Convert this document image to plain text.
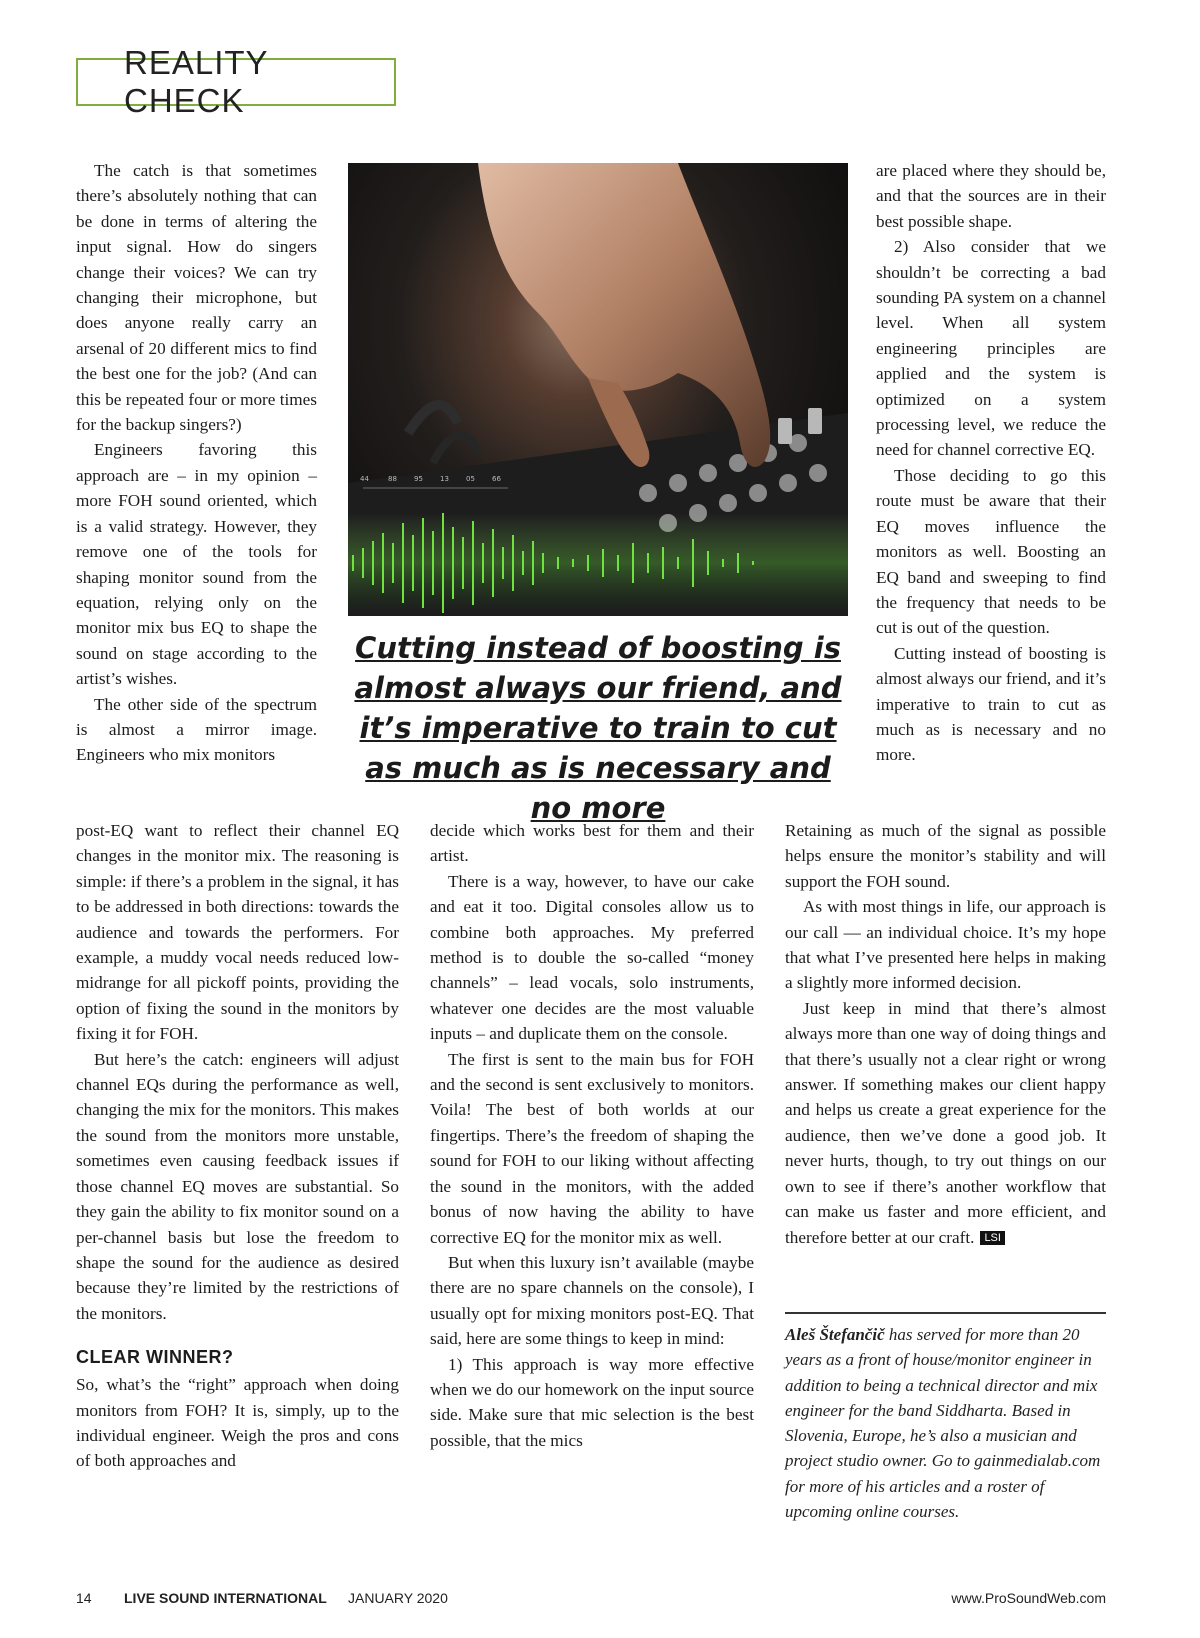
REALITY CHECK

The catch is that sometimes there’s absolutely nothing that can be done in terms of altering the input signal. How do singers change their voices? We can try changing their microphone, but does anyone really carry an arsenal of 20 different mics to find the best one for the job? (And can this be repeated four or more times for the backup singers?)

Engineers favoring this approach are – in my opinion – more FOH sound oriented, which is a valid strategy. However, they remove one of the tools for shaping monitor sound from the equation, relying only on the monitor mix bus EQ to shape the sound on stage according to the artist’s wishes.

The other side of the spectrum is almost a mirror image. Engineers who mix monitors

44	88 95 13 05 66
Cutting instead of boosting is almost always our friend, and it’s imperative to train to cut as much as is necessary and no more

are placed where they should be, and that the sources are in their best possible shape.

2) Also consider that we shouldn’t be correcting a bad sounding PA system on a channel level. When all system engineering principles are applied and the system is optimized on a system processing level, we reduce the need for channel corrective EQ.

Those deciding to go this route must be aware that their EQ moves influence the monitors as well. Boosting an EQ band and sweeping to find the frequency that needs to be cut is out of the question.

Cutting instead of boosting is almost always our friend, and it’s imperative to train to cut as much as is necessary and no more.

post-EQ want to reflect their channel EQ changes in the monitor mix. The reasoning is simple: if there’s a problem in the signal, it has to be addressed in both directions: towards the audience and towards the performers. For example, a muddy vocal needs reduced low-midrange for all pickoff points, providing the option of fixing the sound in the monitors by fixing it for FOH.

But here’s the catch: engineers will adjust channel EQs during the performance as well, changing the mix for the monitors. This makes the sound from the monitors more unstable, sometimes even causing feedback issues if those channel EQ moves are substantial. So they gain the ability to fix monitor sound on a per-channel basis but lose the freedom to shape the sound for the audience as desired because they’re limited by the restrictions of the monitors.

CLEAR WINNER?

So, what’s the “right” approach when doing monitors from FOH? It is, simply, up to the individual engineer. Weigh the pros and cons of both approaches and

decide which works best for them and their artist.

There is a way, however, to have our cake and eat it too. Digital consoles allow us to combine both approaches. My preferred method is to double the so-called “money channels” – lead vocals, solo instruments, whatever one decides are the most valuable inputs – and duplicate them on the console.

The first is sent to the main bus for FOH and the second is sent exclusively to monitors. Voila! The best of both worlds at our fingertips. There’s the freedom of shaping the sound for FOH to our liking without affecting the sound in the monitors, with the added bonus of now having the ability to have corrective EQ for the monitor mix as well.

But when this luxury isn’t available (maybe there are no spare channels on the console), I usually opt for mixing monitors post-EQ. That said, here are some things to keep in mind:

1) This approach is way more effective when we do our homework on the input source side. Make sure that mic selection is the best possible, that the mics

Retaining as much of the signal as possible helps ensure the monitor’s stability and will support the FOH sound.

As with most things in life, our approach is our call — an individual choice. It’s my hope that what I’ve presented here helps in making a slightly more informed decision.

Just keep in mind that there’s almost always more than one way of doing things and that there’s usually not a clear right or wrong answer. If something makes our client happy and helps us create a great experience for the audience, then we’ve done a good job. It never hurts, though, to try out things on our own to see if there’s another workflow that can make us faster and more efficient, and therefore better at our craft. LSI

Aleš Štefančič has served for more than 20 years as a front of house/monitor engineer in addition to being a technical director and mix engineer for the band Siddharta. Based in Slovenia, Europe, he’s also a musician and project studio owner. Go to gainmedialab.com for more of his articles and a roster of upcoming online courses.
14 LIVE SOUND INTERNATIONAL JANUARY 2020	www.ProSoundWeb.com
